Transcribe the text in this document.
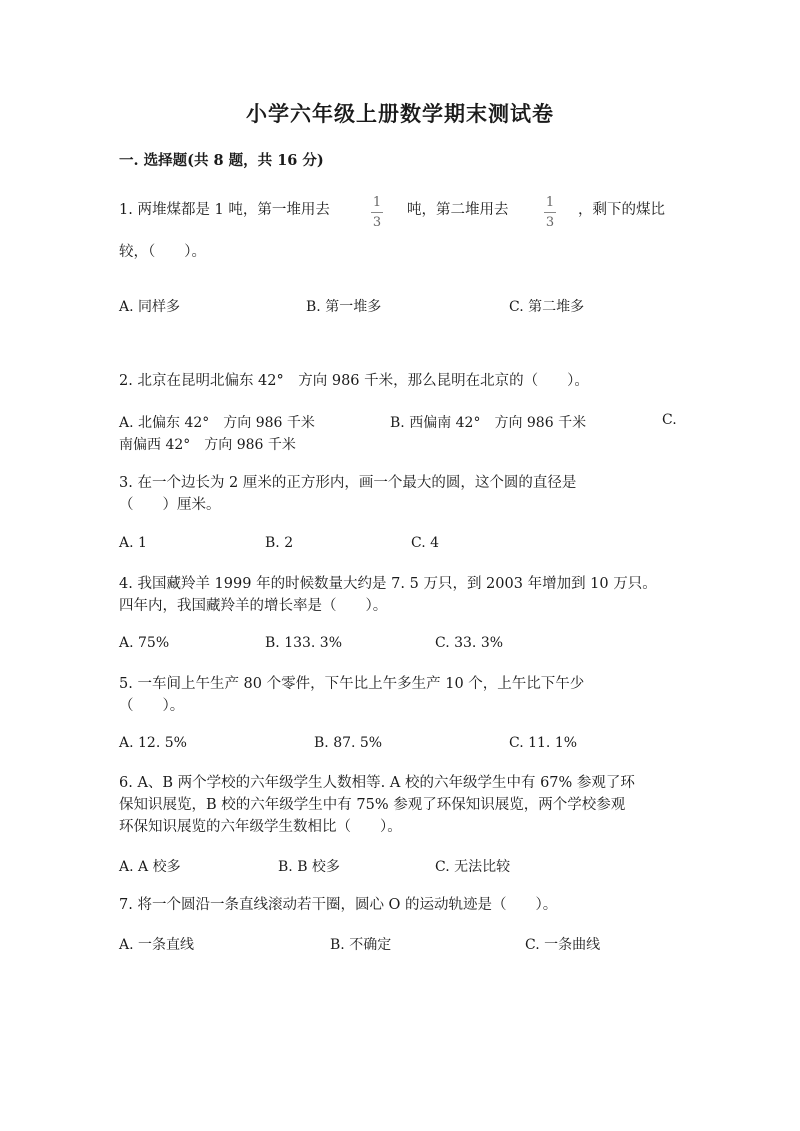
小学六年级上册数学期末测试卷
一. 选择题(共 8 题，共 16 分)
1. 两堆煤都是 1 吨，第一堆用去	1
3
吨，第二堆用去	1
3
，剩下的煤比
较，（　　）。
A. 同样多	B. 第一堆多	C. 第二堆多
2. 北京在昆明北偏东 42°　方向 986 千米，那么昆明在北京的（　　）。
A. 北偏东 42°　方向 986 千米	B. 西偏南 42°　方向 986 千米	C.
南偏西 42°　方向 986 千米
3. 在一个边长为 2 厘米的正方形内，画一个最大的圆，这个圆的直径是
（　　）厘米。
A. 1	B. 2	C. 4
4. 我国藏羚羊 1999 年的时候数量大约是 7. 5 万只，到 2003 年增加到 10 万只。
四年内，我国藏羚羊的增长率是（　　）。
A. 75%	B. 133. 3%	C. 33. 3%
5. 一车间上午生产 80 个零件，下午比上午多生产 10 个，上午比下午少
（　　）。
A. 12. 5%	B. 87. 5%	C. 11. 1%
6. A、B 两个学校的六年级学生人数相等. A 校的六年级学生中有 67% 参观了环
保知识展览，B 校的六年级学生中有 75% 参观了环保知识展览，两个学校参观
环保知识展览的六年级学生数相比（　　）。
A. A 校多	B. B 校多	C. 无法比较
7. 将一个圆沿一条直线滚动若干圈，圆心 O 的运动轨迹是（　　）。
A. 一条直线	B. 不确定	C. 一条曲线
